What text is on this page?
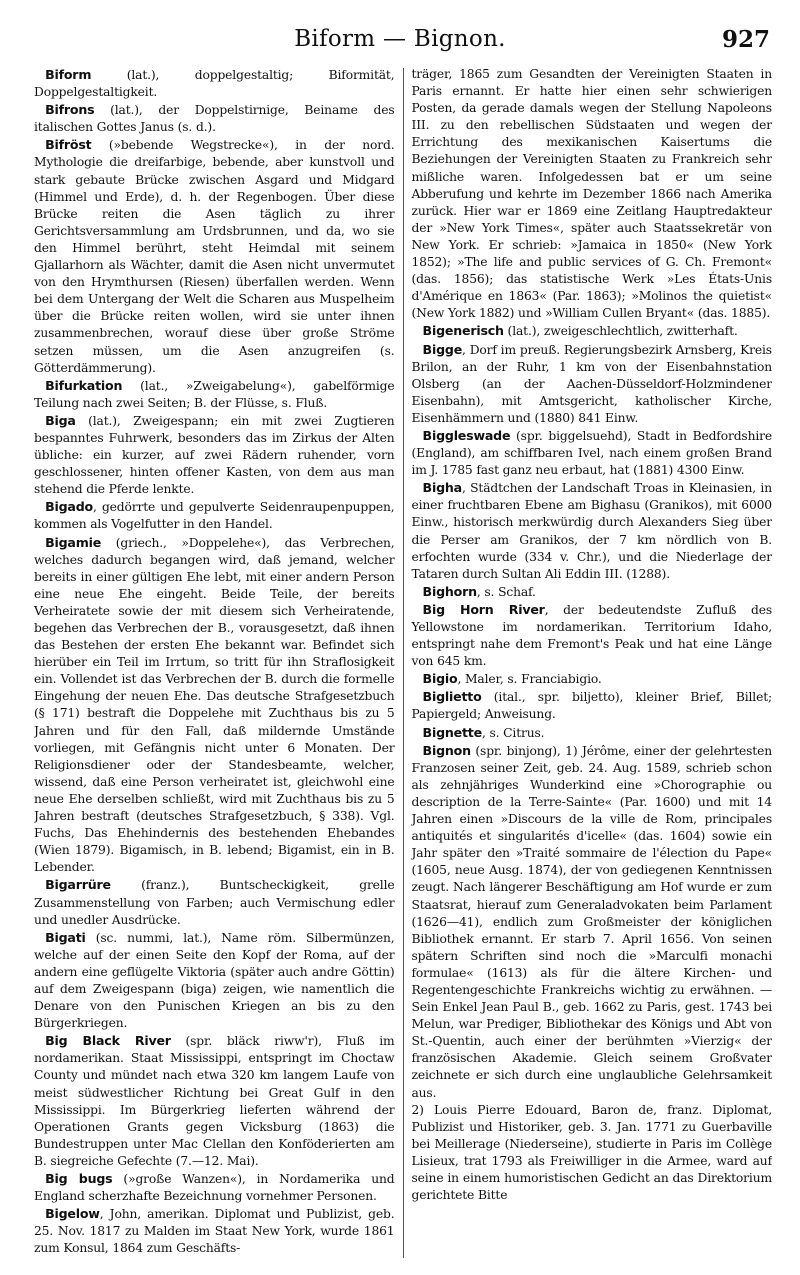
Biform — Bignon.	927

Biform (lat.), doppelgestaltig; Biformität, Doppelgestaltigkeit.

Bifrons (lat.), der Doppelstirnige, Beiname des italischen Gottes Janus (s. d.).

Bifröst (»bebende Wegstrecke«), in der nord. Mythologie die dreifarbige, bebende, aber kunstvoll und stark gebaute Brücke zwischen Asgard und Midgard (Himmel und Erde), d. h. der Regenbogen. Über diese Brücke reiten die Asen täglich zu ihrer Gerichtsversammlung am Urdsbrunnen, und da, wo sie den Himmel berührt, steht Heimdal mit seinem Gjallarhorn als Wächter, damit die Asen nicht unvermutet von den Hrymthursen (Riesen) überfallen werden. Wenn bei dem Untergang der Welt die Scharen aus Muspelheim über die Brücke reiten wollen, wird sie unter ihnen zusammenbrechen, worauf diese über große Ströme setzen müssen, um die Asen anzugreifen (s. Götterdämmerung).

Bifurkation (lat., »Zweigabelung«), gabelförmige Teilung nach zwei Seiten; B. der Flüsse, s. Fluß.

Biga (lat.), Zweigespann; ein mit zwei Zugtieren bespanntes Fuhrwerk, besonders das im Zirkus der Alten übliche: ein kurzer, auf zwei Rädern ruhender, vorn geschlossener, hinten offener Kasten, von dem aus man stehend die Pferde lenkte.

Bigado, gedörrte und gepulverte Seidenraupenpuppen, kommen als Vogelfutter in den Handel.

Bigamie (griech., »Doppelehe«), das Verbrechen, welches dadurch begangen wird, daß jemand, welcher bereits in einer gültigen Ehe lebt, mit einer andern Person eine neue Ehe eingeht. Beide Teile, der bereits Verheiratete sowie der mit diesem sich Verheiratende, begehen das Verbrechen der B., vorausgesetzt, daß ihnen das Bestehen der ersten Ehe bekannt war. Befindet sich hierüber ein Teil im Irrtum, so tritt für ihn Straflosigkeit ein. Vollendet ist das Verbrechen der B. durch die formelle Eingehung der neuen Ehe. Das deutsche Strafgesetzbuch (§ 171) bestraft die Doppelehe mit Zuchthaus bis zu 5 Jahren und für den Fall, daß mildernde Umstände vorliegen, mit Gefängnis nicht unter 6 Monaten. Der Religionsdiener oder der Standesbeamte, welcher, wissend, daß eine Person verheiratet ist, gleichwohl eine neue Ehe derselben schließt, wird mit Zuchthaus bis zu 5 Jahren bestraft (deutsches Strafgesetzbuch, § 338). Vgl. Fuchs, Das Ehehindernis des bestehenden Ehebandes (Wien 1879). Bigamisch, in B. lebend; Bigamist, ein in B. Lebender.

Bigarrüre (franz.), Buntscheckigkeit, grelle Zusammenstellung von Farben; auch Vermischung edler und unedler Ausdrücke.

Bigati (sc. nummi, lat.), Name röm. Silbermünzen, welche auf der einen Seite den Kopf der Roma, auf der andern eine geflügelte Viktoria (später auch andre Göttin) auf dem Zweigespann (biga) zeigen, wie namentlich die Denare von den Punischen Kriegen an bis zu den Bürgerkriegen.

Big Black River (spr. bläck riww'r), Fluß im nordamerikan. Staat Mississippi, entspringt im Choctaw County und mündet nach etwa 320 km langem Laufe von meist südwestlicher Richtung bei Great Gulf in den Mississippi. Im Bürgerkrieg lieferten während der Operationen Grants gegen Vicksburg (1863) die Bundestruppen unter Mac Clellan den Konföderierten am B. siegreiche Gefechte (7.—12. Mai).

Big bugs (»große Wanzen«), in Nordamerika und England scherzhafte Bezeichnung vornehmer Personen.

Bigelow, John, amerikan. Diplomat und Publizist, geb. 25. Nov. 1817 zu Malden im Staat New York, wurde 1861 zum Konsul, 1864 zum Geschäfts-

träger, 1865 zum Gesandten der Vereinigten Staaten in Paris ernannt. Er hatte hier einen sehr schwierigen Posten, da gerade damals wegen der Stellung Napoleons III. zu den rebellischen Südstaaten und wegen der Errichtung des mexikanischen Kaisertums die Beziehungen der Vereinigten Staaten zu Frankreich sehr mißliche waren. Infolgedessen bat er um seine Abberufung und kehrte im Dezember 1866 nach Amerika zurück. Hier war er 1869 eine Zeitlang Hauptredakteur der »New York Times«, später auch Staatssekretär von New York. Er schrieb: »Jamaica in 1850« (New York 1852); »The life and public services of G. Ch. Fremont« (das. 1856); das statistische Werk »Les États-Unis d'Amérique en 1863« (Par. 1863); »Molinos the quietist« (New York 1882) und »William Cullen Bryant« (das. 1885).

Bigenerisch (lat.), zweigeschlechtlich, zwitterhaft.

Bigge, Dorf im preuß. Regierungsbezirk Arnsberg, Kreis Brilon, an der Ruhr, 1 km von der Eisenbahnstation Olsberg (an der Aachen-Düsseldorf-Holzmindener Eisenbahn), mit Amtsgericht, katholischer Kirche, Eisenhämmern und (1880) 841 Einw.

Biggleswade (spr. biggelsuehd), Stadt in Bedfordshire (England), am schiffbaren Ivel, nach einem großen Brand im J. 1785 fast ganz neu erbaut, hat (1881) 4300 Einw.

Bigha, Städtchen der Landschaft Troas in Kleinasien, in einer fruchtbaren Ebene am Bighasu (Granikos), mit 6000 Einw., historisch merkwürdig durch Alexanders Sieg über die Perser am Granikos, der 7 km nördlich von B. erfochten wurde (334 v. Chr.), und die Niederlage der Tataren durch Sultan Ali Eddin III. (1288).

Bighorn, s. Schaf.

Big Horn River, der bedeutendste Zufluß des Yellowstone im nordamerikan. Territorium Idaho, entspringt nahe dem Fremont's Peak und hat eine Länge von 645 km.

Bigio, Maler, s. Franciabigio.

Biglietto (ital., spr. biljetto), kleiner Brief, Billet; Papiergeld; Anweisung.

Bignette, s. Citrus.

Bignon (spr. binjong), 1) Jérôme, einer der gelehrtesten Franzosen seiner Zeit, geb. 24. Aug. 1589, schrieb schon als zehnjähriges Wunderkind eine »Chorographie ou description de la Terre-Sainte« (Par. 1600) und mit 14 Jahren einen »Discours de la ville de Rom, principales antiquités et singularités d'icelle« (das. 1604) sowie ein Jahr später den »Traité sommaire de l'élection du Pape« (1605, neue Ausg. 1874), der von gediegenen Kenntnissen zeugt. Nach längerer Beschäftigung am Hof wurde er zum Staatsrat, hierauf zum Generaladvokaten beim Parlament (1626—41), endlich zum Großmeister der königlichen Bibliothek ernannt. Er starb 7. April 1656. Von seinen spätern Schriften sind noch die »Marculfi monachi formulae« (1613) als für die ältere Kirchen- und Regentengeschichte Frankreichs wichtig zu erwähnen. — Sein Enkel Jean Paul B., geb. 1662 zu Paris, gest. 1743 bei Melun, war Prediger, Bibliothekar des Königs und Abt von St.-Quentin, auch einer der berühmten »Vierzig« der französischen Akademie. Gleich seinem Großvater zeichnete er sich durch eine unglaubliche Gelehrsamkeit aus.

2) Louis Pierre Edouard, Baron de, franz. Diplomat, Publizist und Historiker, geb. 3. Jan. 1771 zu Guerbaville bei Meillerage (Niederseine), studierte in Paris im Collège Lisieux, trat 1793 als Freiwilliger in die Armee, ward auf seine in einem humoristischen Gedicht an das Direktorium gerichtete Bitte
